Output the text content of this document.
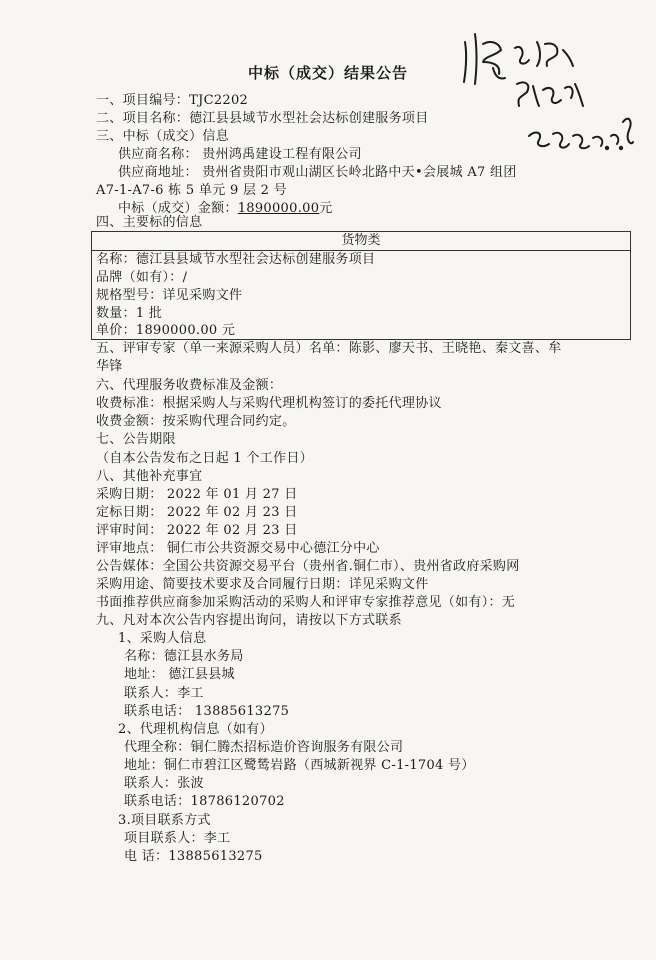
中标（成交）结果公告
一、项目编号：TJC2202
二、项目名称：德江县县域节水型社会达标创建服务项目
三、中标（成交）信息
供应商名称： 贵州鸿禹建设工程有限公司
供应商地址： 贵州省贵阳市观山湖区长岭北路中天•会展城 A7 组团
A7-1-A7-6 栋 5 单元 9 层 2 号
中标（成交）金额：1890000.00元
四、主要标的信息
货物类
名称：德江县县域节水型社会达标创建服务项目
品牌（如有）：/
规格型号：详见采购文件
数量：1 批
单价：1890000.00 元
五、评审专家（单一来源采购人员）名单：陈影、廖天书、王晓艳、秦文喜、牟
华锋
六、代理服务收费标准及金额：
收费标准：根据采购人与采购代理机构签订的委托代理协议
收费金额：按采购代理合同约定。
七、公告期限
（自本公告发布之日起 1 个工作日）
八、其他补充事宜
采购日期： 2022 年 01 月 27 日
定标日期： 2022 年 02 月 23 日
评审时间： 2022 年 02 月 23 日
评审地点： 铜仁市公共资源交易中心德江分中心
公告媒体：全国公共资源交易平台（贵州省.铜仁市）、贵州省政府采购网
采购用途、简要技术要求及合同履行日期：详见采购文件
书面推荐供应商参加采购活动的采购人和评审专家推荐意见（如有）：无
九、凡对本次公告内容提出询问，请按以下方式联系
1、采购人信息
名称：德江县水务局
地址： 德江县县城
联系人：李工
联系电话： 13885613275
2、代理机构信息（如有）
代理全称：铜仁腾杰招标造价咨询服务有限公司
地址：铜仁市碧江区鹭鸶岩路（西城新视界 C-1-1704 号）
联系人：张波
联系电话：18786120702
3.项目联系方式
项目联系人：李工
电 话：13885613275
